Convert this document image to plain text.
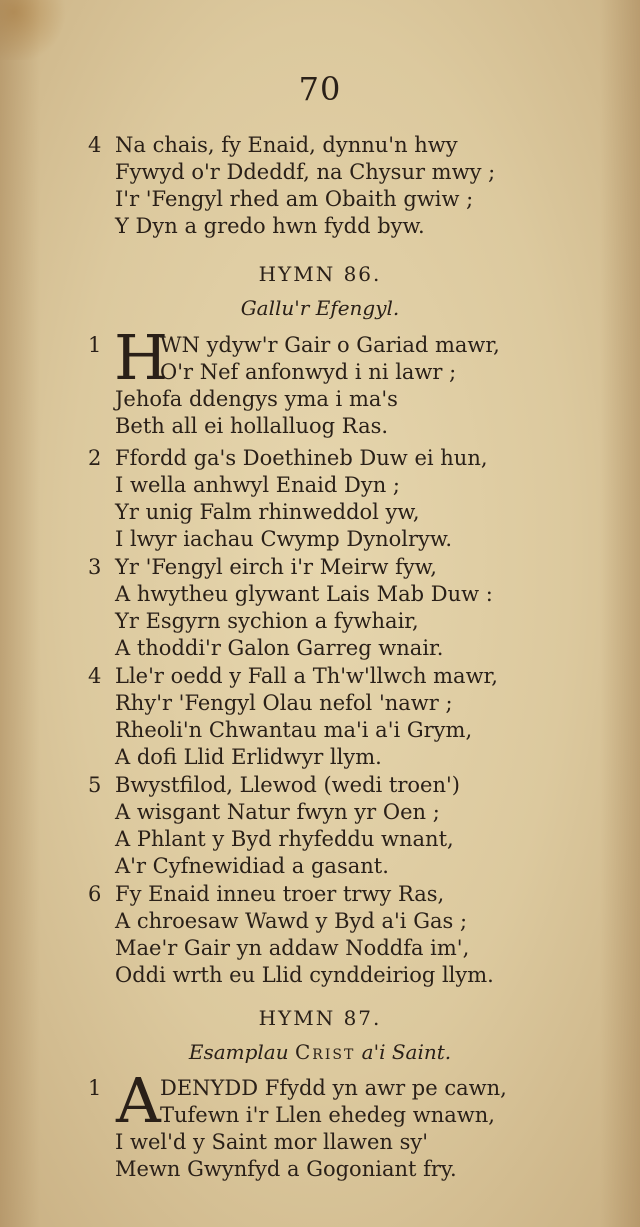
70
4 Na chais, fy Enaid, dynnu'n hwy
Fywyd o'r Ddeddf, na Chysur mwy ;
I'r 'Fengyl rhed am Obaith gwiw ;
Y Dyn a gredo hwn fydd byw.
HYMN 86.
Gallu'r Efengyl.
1 H
WN ydyw'r Gair o Gariad mawr,
O'r Nef anfonwyd i ni lawr ;
Jehofa ddengys yma i ma's
Beth all ei hollalluog Ras.
2 Ffordd ga's Doethineb Duw ei hun,
I wella anhwyl Enaid Dyn ;
Yr unig Falm rhinweddol yw,
I lwyr iachau Cwymp Dynolryw.
3 Yr 'Fengyl eirch i'r Meirw fyw,
A hwytheu glywant Lais Mab Duw :
Yr Esgyrn sychion a fywhair,
A thoddi'r Galon Garreg wnair.
4 Lle'r oedd y Fall a Th'w'llwch mawr,
Rhy'r 'Fengyl Olau nefol 'nawr ;
Rheoli'n Chwantau ma'i a'i Grym,
A dofi Llid Erlidwyr llym.
5 Bwystfilod, Llewod (wedi troen')
A wisgant Natur fwyn yr Oen ;
A Phlant y Byd rhyfeddu wnant,
A'r Cyfnewidiad a gasant.
6 Fy Enaid inneu troer trwy Ras,
A chroesaw Wawd y Byd a'i Gas ;
Mae'r Gair yn addaw Noddfa im',
Oddi wrth eu Llid cynddeiriog llym.
HYMN 87.
Esamplau Crist a'i Saint.
1 A DENYDD Ffydd yn awr pe cawn,
Tufewn i'r Llen ehedeg wnawn,
I wel'd y Saint mor llawen sy'
Mewn Gwynfyd a Gogoniant fry.
